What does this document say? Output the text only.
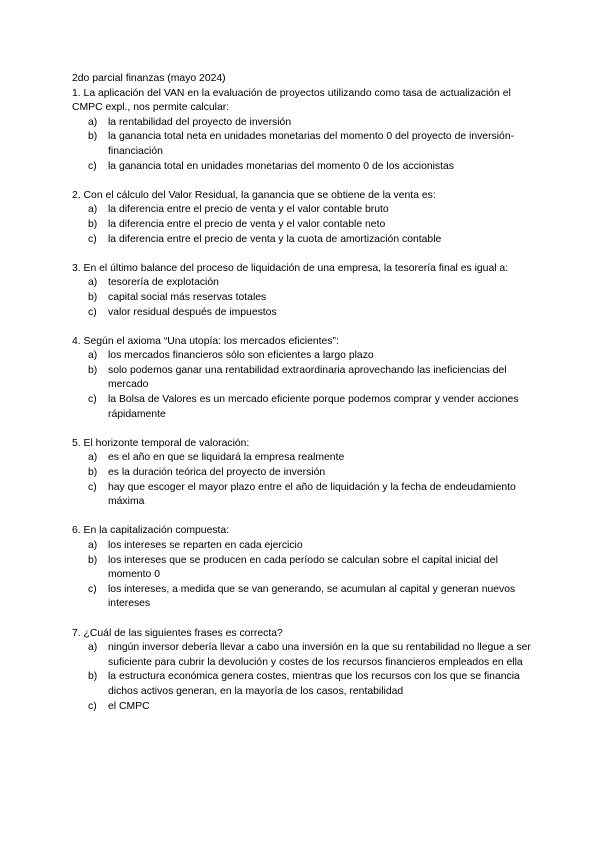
2do parcial finanzas (mayo 2024)

1. La aplicación del VAN en la evaluación de proyectos utilizando como tasa de actualización el CMPC expl., nos permite calcular:

a) la rentabilidad del proyecto de inversión
b) la ganancia total neta en unidades monetarias del momento 0 del proyecto de inversión-financiación
c) la ganancia total en unidades monetarias del momento 0 de los accionistas

2. Con el cálculo del Valor Residual, la ganancia que se obtiene de la venta es:

a) la diferencia entre el precio de venta y el valor contable bruto
b) la diferencia entre el precio de venta y el valor contable neto
c) la diferencia entre el precio de venta y la cuota de amortización contable

3. En el último balance del proceso de liquidación de una empresa, la tesorería final es igual a:

a) tesorería de explotación
b) capital social más reservas totales
c) valor residual después de impuestos

4. Según el axioma “Una utopía: los mercados eficientes”:

a) los mercados financieros sólo son eficientes a largo plazo
b) solo podemos ganar una rentabilidad extraordinaria aprovechando las ineficiencias del mercado
c) la Bolsa de Valores es un mercado eficiente porque podemos comprar y vender acciones rápidamente

5. El horizonte temporal de valoración:

a) es el año en que se liquidará la empresa realmente
b) es la duración teórica del proyecto de inversión
c) hay que escoger el mayor plazo entre el año de liquidación y la fecha de endeudamiento máxima

6. En la capitalización compuesta:

a) los intereses se reparten en cada ejercicio
b) los intereses que se producen en cada período se calculan sobre el capital inicial del momento 0
c) los intereses, a medida que se van generando, se acumulan al capital y generan nuevos intereses

7. ¿Cuál de las siguientes frases es correcta?

a) ningún inversor debería llevar a cabo una inversión en la que su rentabilidad no llegue a ser suficiente para cubrir la devolución y costes de los recursos financieros empleados en ella
b) la estructura económica genera costes, mientras que los recursos con los que se financia dichos activos generan, en la mayoría de los casos, rentabilidad
c) el CMPC
